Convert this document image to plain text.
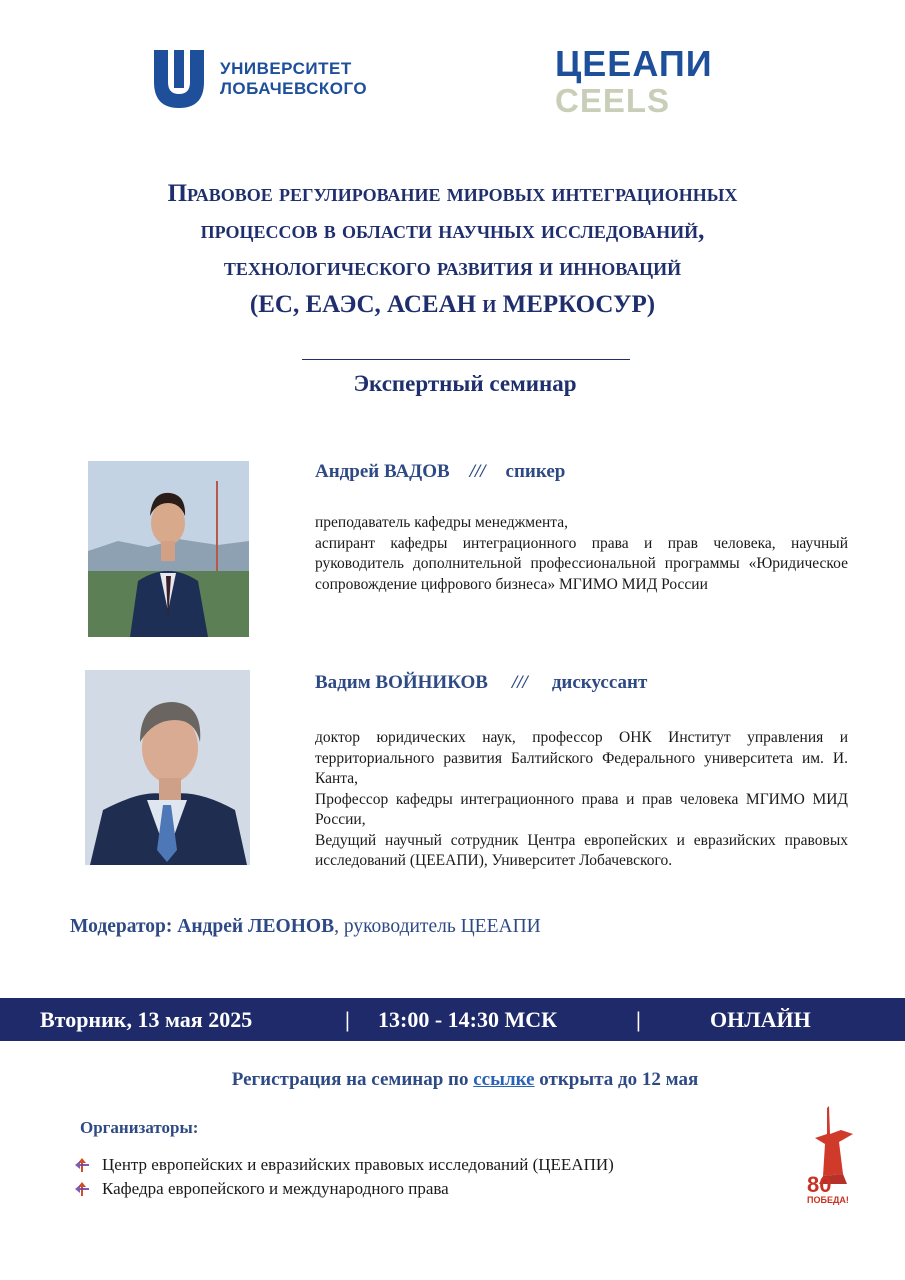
УНИВЕРСИТЕТ
ЛОБАЧЕВСКОГО
ЦЕЕАПИ
CEELS
Правовое регулирование мировых интеграционных
процессов в области научных исследований,
технологического развития и инноваций
(ЕС, ЕАЭС, АСЕАН и МЕРКОСУР)
Экспертный семинар
Андрей ВАДОВ /// спикер

преподаватель кафедры менеджмента,

аспирант кафедры интеграционного права и прав человека, научный руководитель дополнительной профессиональной программы «Юридическое сопровождение цифрового бизнеса» МГИМО МИД России

Вадим ВОЙНИКОВ /// дискуссант

доктор юридических наук, профессор ОНК Институт управления и территориального развития Балтийского Федерального университета им. И. Канта,

Профессор кафедры интеграционного права и прав человека МГИМО МИД России,

Ведущий научный сотрудник Центра европейских и евразийских правовых исследований (ЦЕЕАПИ), Университет Лобачевского.

Модератор: Андрей ЛЕОНОВ, руководитель ЦЕЕАПИ
Вторник, 13 мая 2025	| 13:00 - 14:30 МСК	|	ОНЛАЙН
Регистрация на семинар по ссылке открыта до 12 мая
Организаторы:
Центр европейских и евразийских правовых исследований (ЦЕЕАПИ)
Кафедра европейского и международного права	80
ПОБЕДА!
